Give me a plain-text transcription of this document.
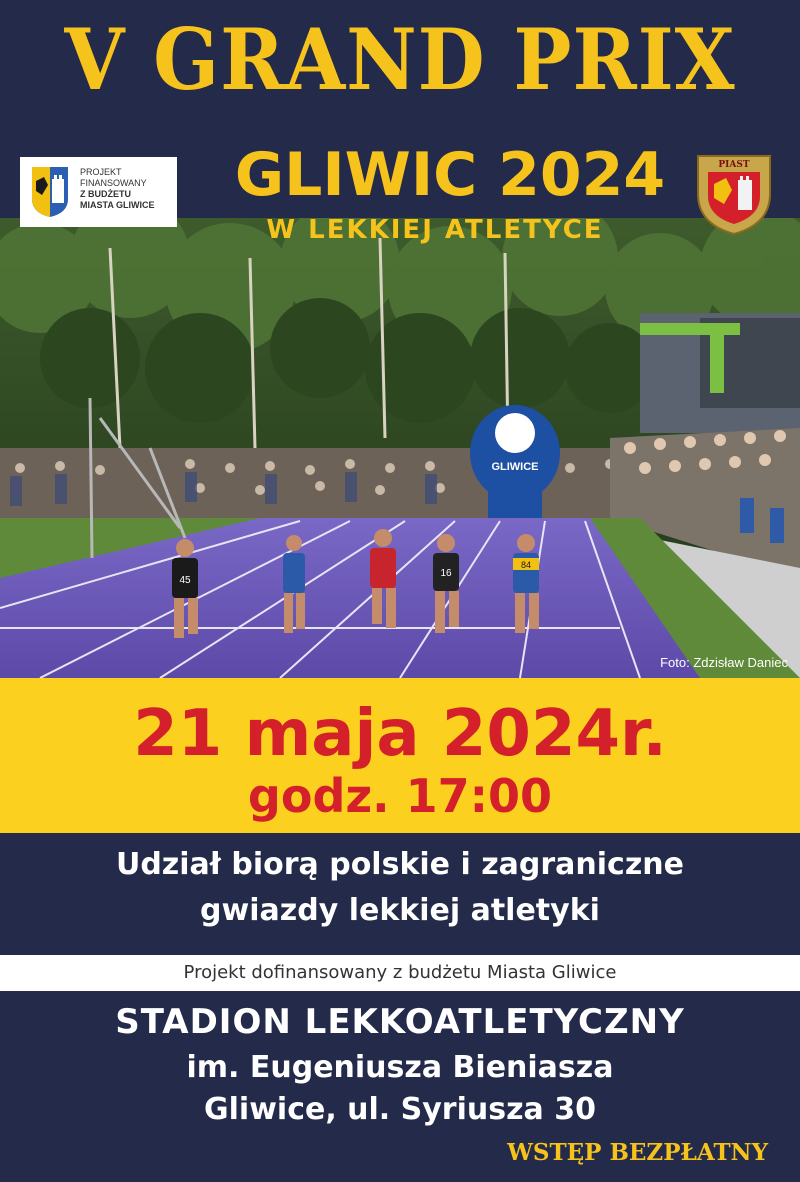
V GRAND PRIX
GLIWIC 2024
GLIWICE
45
16
84
Foto: Zdzisław Daniec
W LEKKIEJ ATLETYCE
PROJEKT
FINANSOWANY
Z BUDŻETU
MIASTA GLIWICE
PIAST
21 maja 2024r.
godz. 17:00
Udział biorą polskie i zagraniczne
gwiazdy lekkiej atletyki
Projekt dofinansowany z budżetu Miasta Gliwice
STADION LEKKOATLETYCZNY
im. Eugeniusza Bieniasza
Gliwice, ul. Syriusza 30
WSTĘP BEZPŁATNY
